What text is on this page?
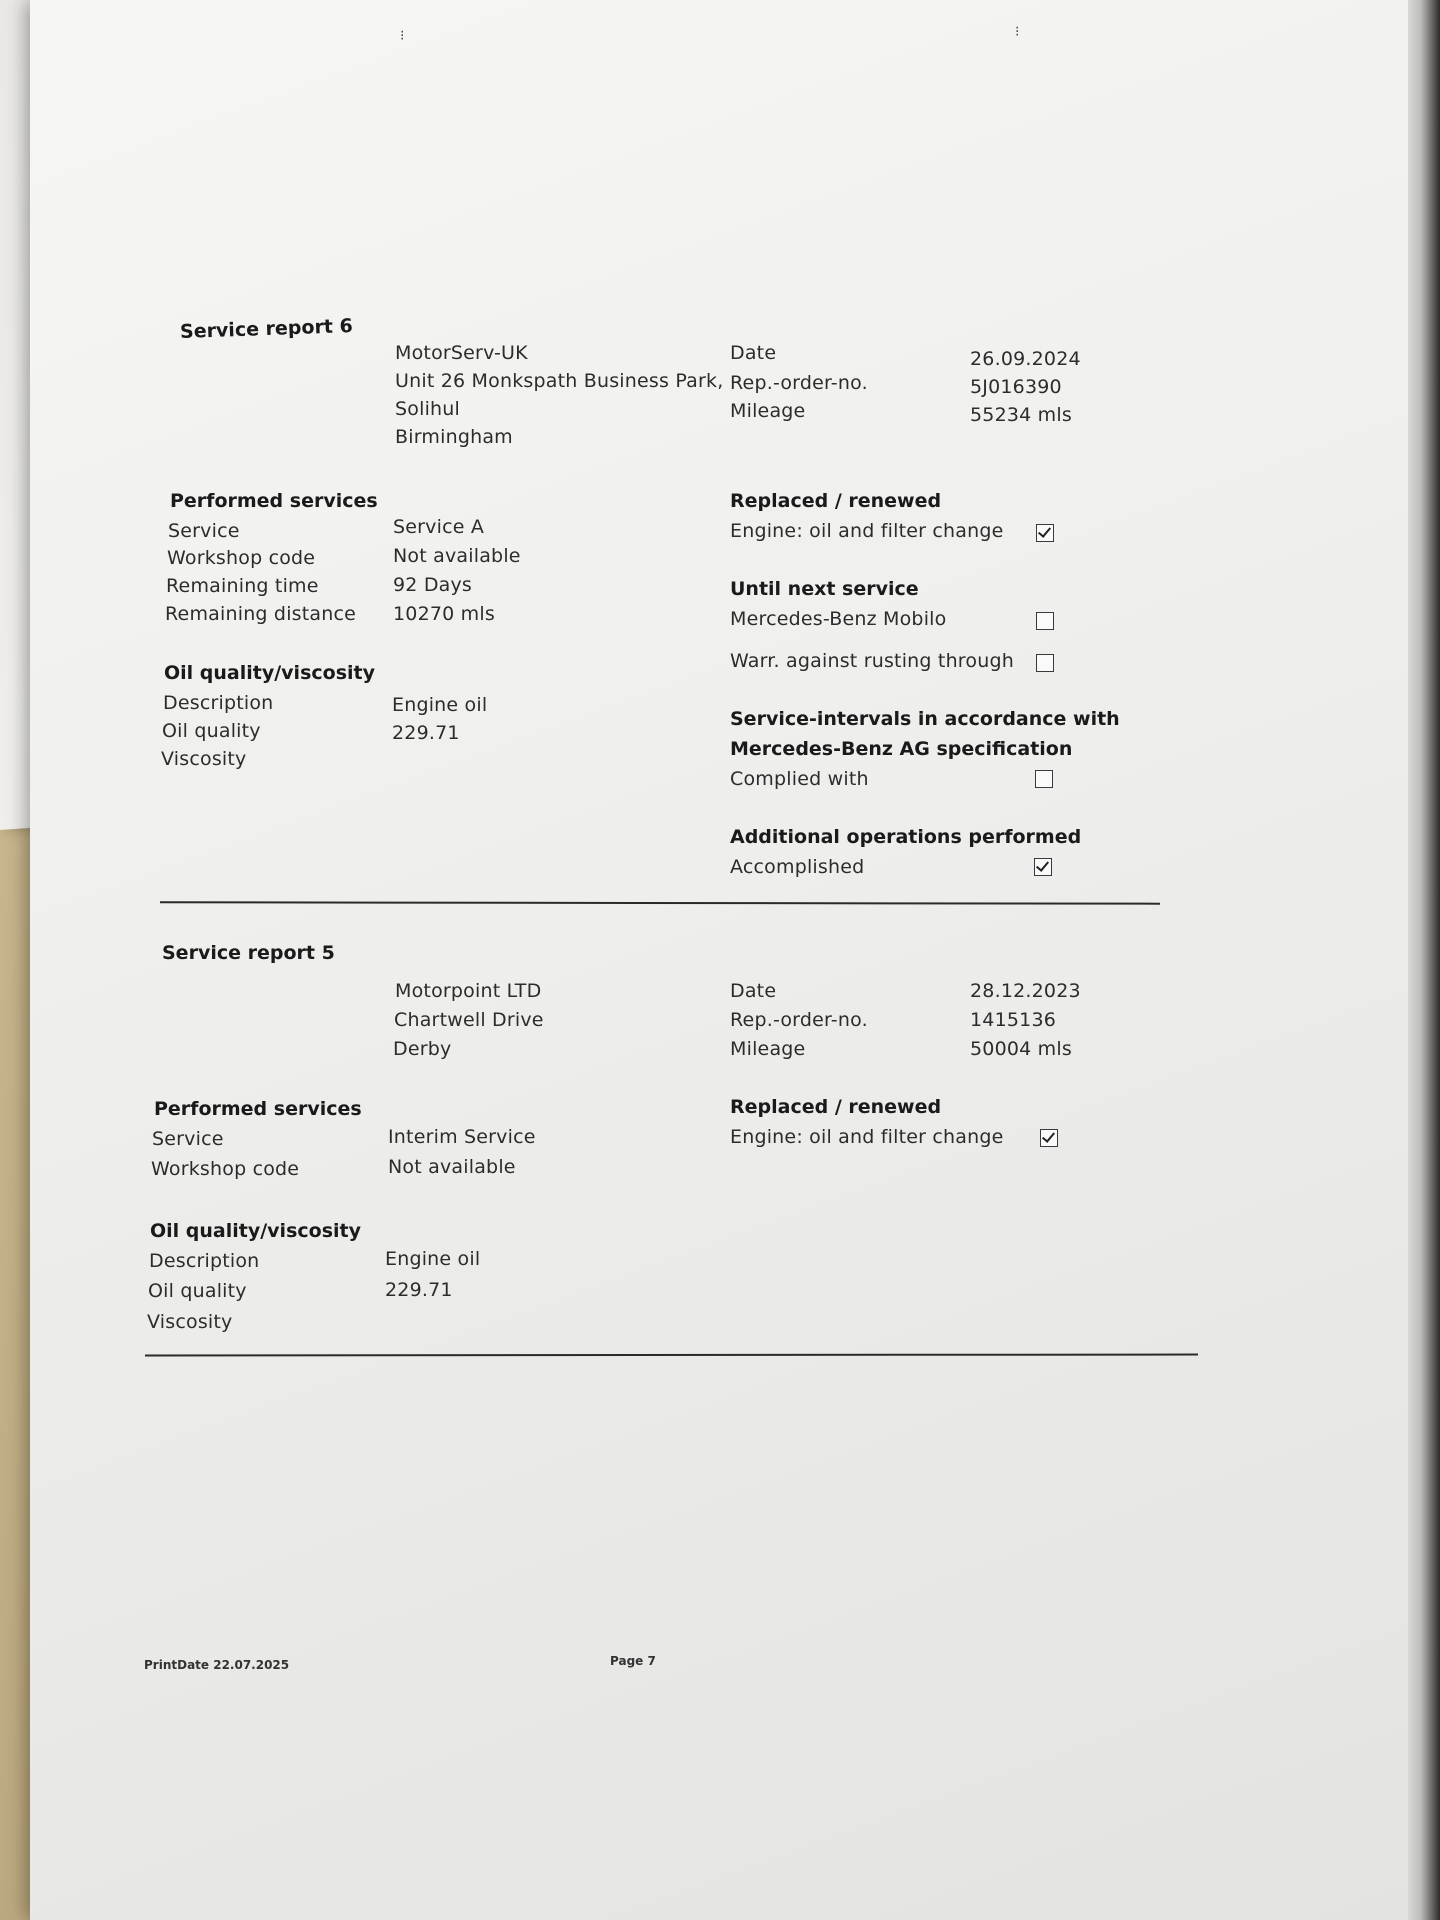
⁝	⁝
Service report 6
MotorServ-UK
Unit 26 Monkspath Business Park,
Solihul
Birmingham
Date	26.09.2024
Rep.-order-no.	5J016390
Mileage	55234 mls
Performed services
Service	Service A
Workshop code	Not available
Remaining time	92 Days
Remaining distance 10270 mls
Oil quality/viscosity
Description	Engine oil
Oil quality	229.71
Viscosity
Replaced / renewed
Engine: oil and filter change
Until next service
Mercedes-Benz Mobilo
Warr. against rusting through
Service-intervals in accordance with
Mercedes-Benz AG specification
Complied with
Additional operations performed
Accomplished
Service report 5
Motorpoint LTD
Chartwell Drive
Derby
Date	28.12.2023
Rep.-order-no.	1415136
Mileage	50004 mls
Performed services
Service	Interim Service
Workshop code	Not available
Oil quality/viscosity
Description	Engine oil
Oil quality	229.71
Viscosity
Replaced / renewed
Engine: oil and filter change
PrintDate 22.07.2025	Page 7
